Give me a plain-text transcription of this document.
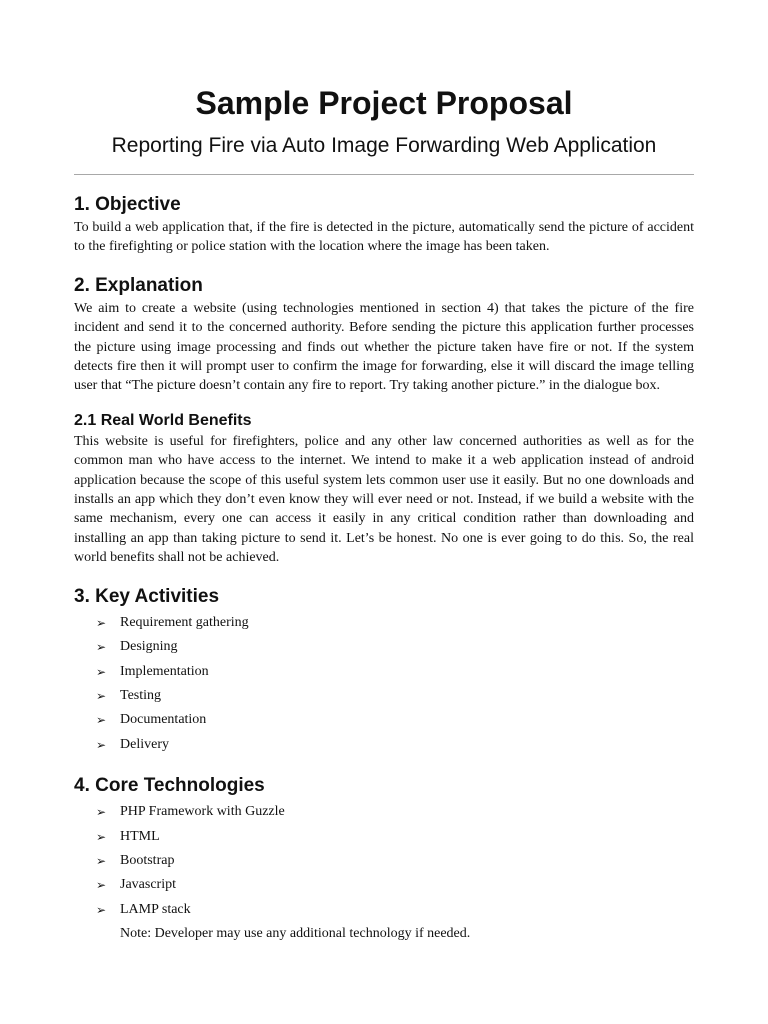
Sample Project Proposal
Reporting Fire via Auto Image Forwarding Web Application
1. Objective

To build a web application that, if the fire is detected in the picture, automatically send the picture of accident to the firefighting or police station with the location where the image has been taken.

2. Explanation

We aim to create a website (using technologies mentioned in section 4) that takes the picture of the fire incident and send it to the concerned authority. Before sending the picture this application further processes the picture using image processing and finds out whether the picture taken have fire or not. If the system detects fire then it will prompt user to confirm the image for forwarding, else it will discard the image telling user that “The picture doesn’t contain any fire to report. Try taking another picture.” in the dialogue box.

2.1 Real World Benefits

This website is useful for firefighters, police and any other law concerned authorities as well as for the common man who have access to the internet. We intend to make it a web application instead of android application because the scope of this useful system lets common user use it easily. But no one downloads and installs an app which they don’t even know they will ever need or not. Instead, if we build a website with the same mechanism, every one can access it easily in any critical condition rather than downloading and installing an app than taking picture to send it. Let’s be honest. No one is ever going to do this. So, the real world benefits shall not be achieved.

3. Key Activities
➢ Requirement gathering
➢ Designing
➢ Implementation
➢ Testing
➢ Documentation
➢ Delivery
4. Core Technologies
➢ PHP Framework with Guzzle
➢ HTML
➢ Bootstrap
➢ Javascript
➢ LAMP stack
Note: Developer may use any additional technology if needed.
